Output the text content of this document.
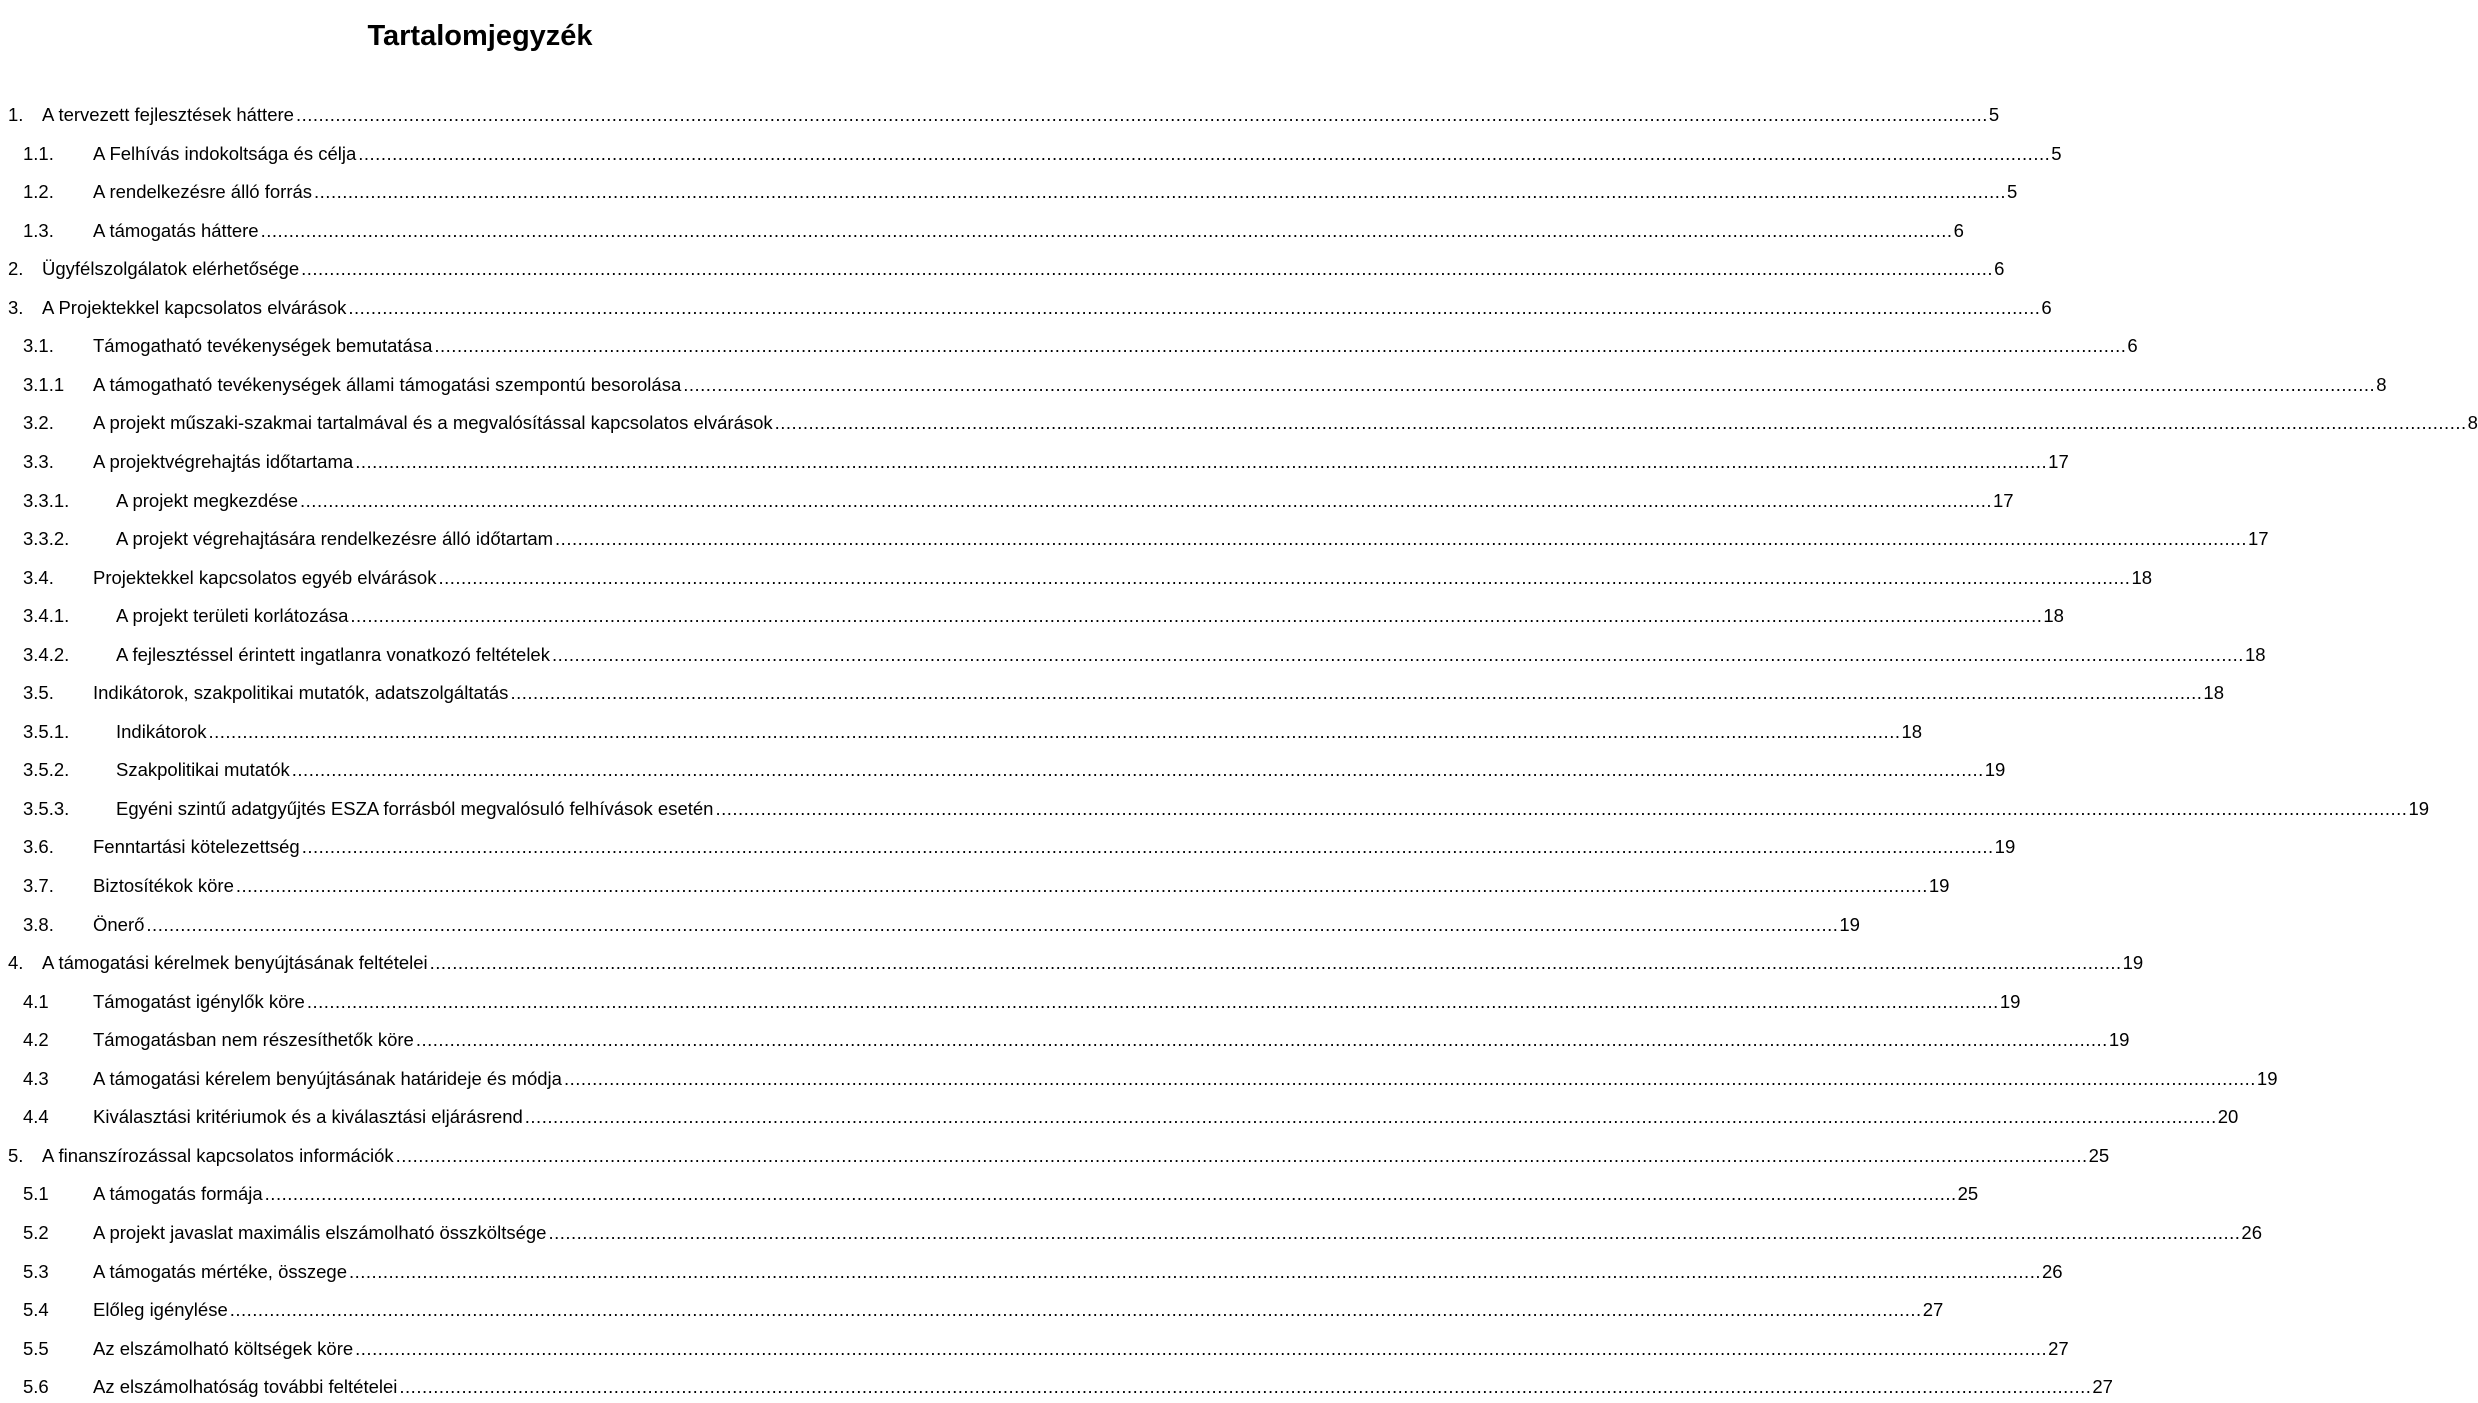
Tartalomjegyzék
1. A tervezett fejlesztések háttere ............................................................................................................................................................................................................................................................................................................ 5
1.1. A Felhívás indokoltsága és célja ............................................................................................................................................................................................................................................................................................................ 5
1.2. A rendelkezésre álló forrás ............................................................................................................................................................................................................................................................................................................ 5
1.3. A támogatás háttere ............................................................................................................................................................................................................................................................................................................ 6
2. Ügyfélszolgálatok elérhetősége ............................................................................................................................................................................................................................................................................................................ 6
3. A Projektekkel kapcsolatos elvárások ............................................................................................................................................................................................................................................................................................................ 6
3.1. Támogatható tevékenységek bemutatása ............................................................................................................................................................................................................................................................................................................ 6
3.1.1 A támogatható tevékenységek állami támogatási szempontú besorolása ............................................................................................................................................................................................................................................................................................................ 8
3.2. A projekt műszaki-szakmai tartalmával és a megvalósítással kapcsolatos elvárások ............................................................................................................................................................................................................................................................................................................ 8
3.3. A projektvégrehajtás időtartama ............................................................................................................................................................................................................................................................................................................ 17
3.3.1.	A projekt megkezdése ............................................................................................................................................................................................................................................................................................................ 17
3.3.2.	A projekt végrehajtására rendelkezésre álló időtartam ............................................................................................................................................................................................................................................................................................................ 17
3.4. Projektekkel kapcsolatos egyéb elvárások ............................................................................................................................................................................................................................................................................................................ 18
3.4.1.	A projekt területi korlátozása ............................................................................................................................................................................................................................................................................................................ 18
3.4.2.	A fejlesztéssel érintett ingatlanra vonatkozó feltételek ............................................................................................................................................................................................................................................................................................................ 18
3.5. Indikátorok, szakpolitikai mutatók, adatszolgáltatás ............................................................................................................................................................................................................................................................................................................ 18
3.5.1.	Indikátorok ............................................................................................................................................................................................................................................................................................................ 18
3.5.2.	Szakpolitikai mutatók ............................................................................................................................................................................................................................................................................................................ 19
3.5.3.	Egyéni szintű adatgyűjtés ESZA forrásból megvalósuló felhívások esetén ............................................................................................................................................................................................................................................................................................................ 19
3.6. Fenntartási kötelezettség ............................................................................................................................................................................................................................................................................................................ 19
3.7. Biztosítékok köre ............................................................................................................................................................................................................................................................................................................ 19
3.8. Önerő ............................................................................................................................................................................................................................................................................................................ 19
4. A támogatási kérelmek benyújtásának feltételei ............................................................................................................................................................................................................................................................................................................ 19
4.1 Támogatást igénylők köre ............................................................................................................................................................................................................................................................................................................ 19
4.2 Támogatásban nem részesíthetők köre ............................................................................................................................................................................................................................................................................................................ 19
4.3 A támogatási kérelem benyújtásának határideje és módja ............................................................................................................................................................................................................................................................................................................ 19
4.4 Kiválasztási kritériumok és a kiválasztási eljárásrend ............................................................................................................................................................................................................................................................................................................ 20
5. A finanszírozással kapcsolatos információk ............................................................................................................................................................................................................................................................................................................ 25
5.1 A támogatás formája ............................................................................................................................................................................................................................................................................................................ 25
5.2 A projekt javaslat maximális elszámolható összköltsége ............................................................................................................................................................................................................................................................................................................ 26
5.3 A támogatás mértéke, összege ............................................................................................................................................................................................................................................................................................................ 26
5.4 Előleg igénylése ............................................................................................................................................................................................................................................................................................................ 27
5.5 Az elszámolható költségek köre ............................................................................................................................................................................................................................................................................................................ 27
5.6 Az elszámolhatóság további feltételei ............................................................................................................................................................................................................................................................................................................ 27
